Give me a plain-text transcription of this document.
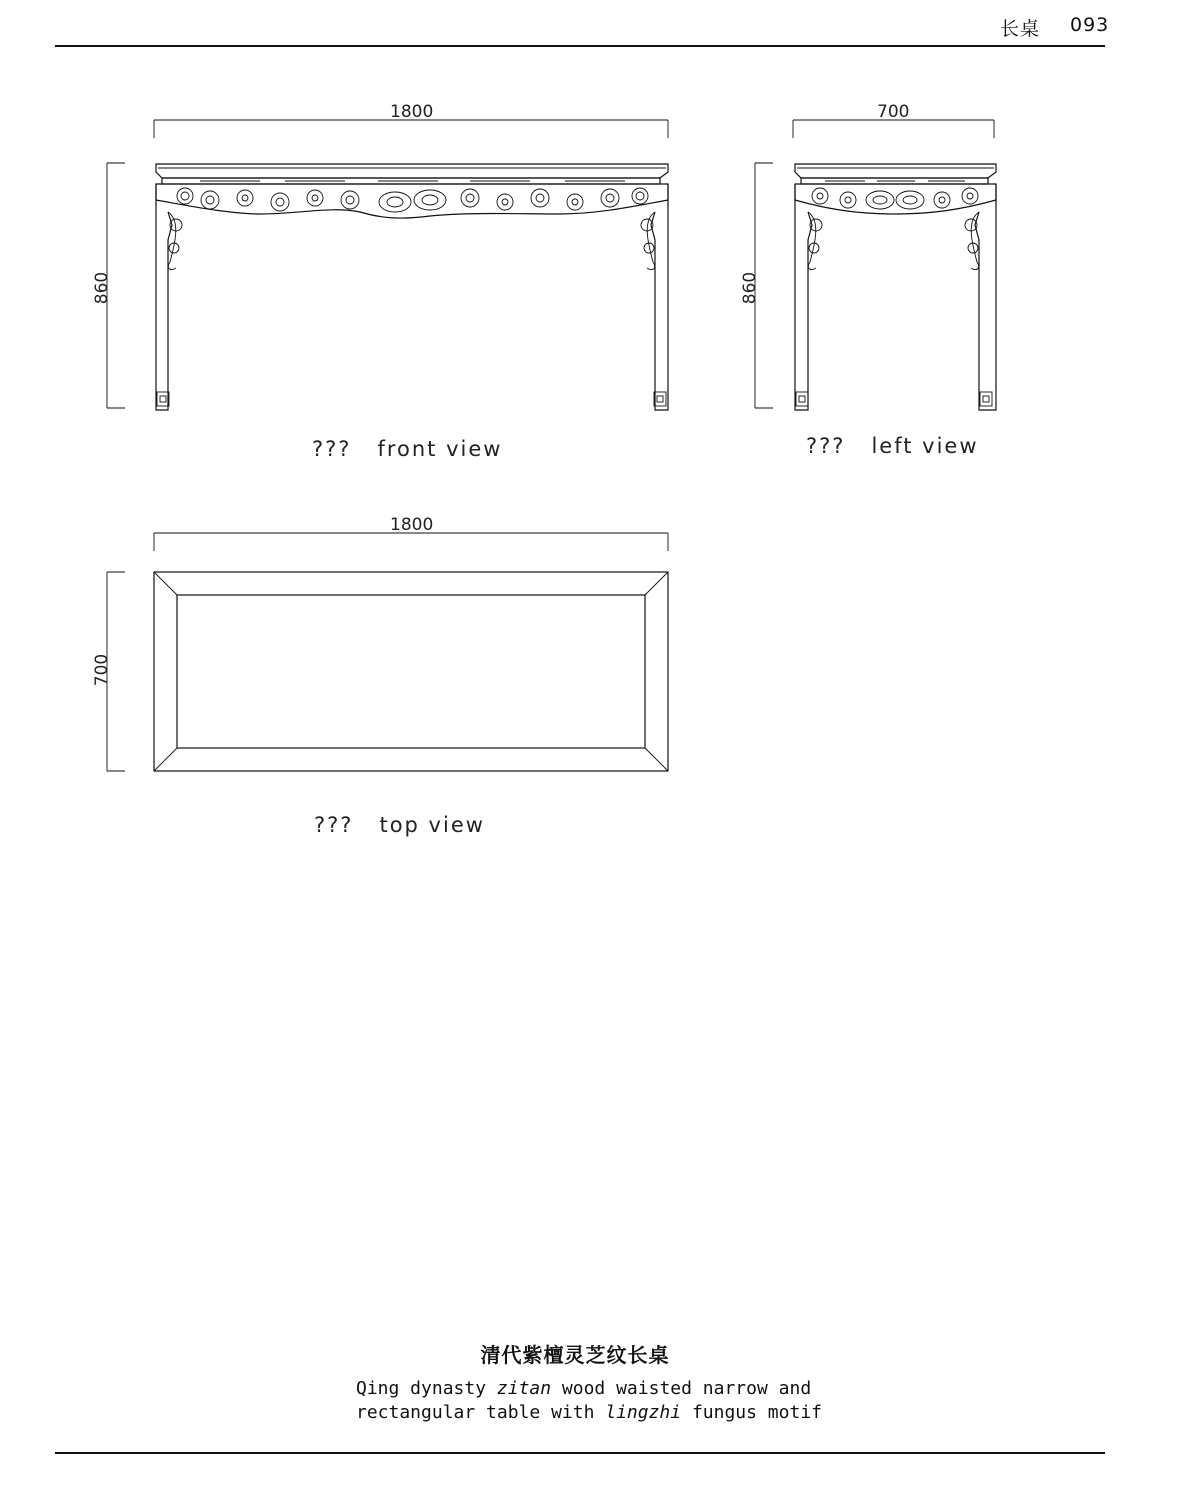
长桌 093
1800
860
700
860
1800
700
???   front view	???   left view
???   top view
清代紫檀灵芝纹长桌
Qing dynasty zitan wood waisted narrow and
rectangular table with lingzhi fungus motif
